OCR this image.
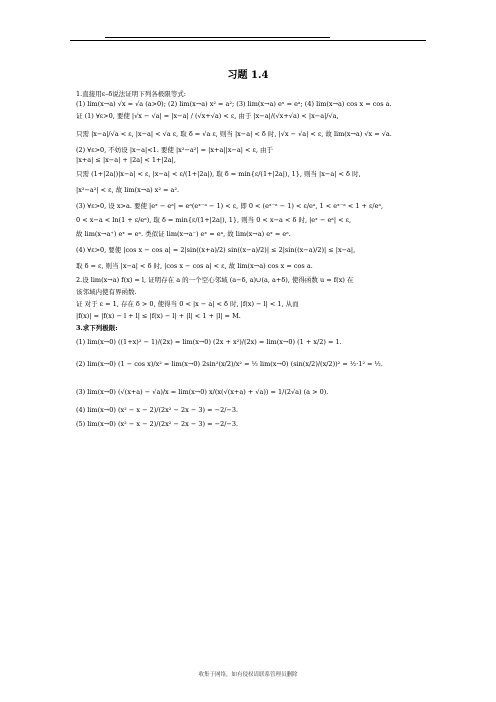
习题 1.4
1.直接用ε–δ说法证明下列各极限等式:
(1) lim(x→a) √x = √a (a>0); (2) lim(x→a) x² = a²; (3) lim(x→a) eˣ = eᵃ; (4) lim(x→a) cos x = cos a.
证 (1) ∀ε>0, 要使 |√x − √a| = |x−a| / (√x+√a) < ε, 由于 |x−a|/(√x+√a) < |x−a|/√a,
只需 |x−a|/√a < ε, |x−a| < √a ε, 取 δ = √a ε, 则当 |x−a| < δ 时, |√x − √a| < ε, 故 lim(x→a) √x = √a.
(2) ∀ε>0, 不妨设 |x−a|<1. 要使 |x²−a²| = |x+a||x−a| < ε, 由于
|x+a| ≤ |x−a| + |2a| < 1+|2a|,
只需 (1+|2a|)|x−a| < ε, |x−a| < ε/(1+|2a|), 取 δ = min{ε/(1+|2a|), 1}, 则当 |x−a| < δ 时,
|x²−a²| < ε, 故 lim(x→a) x² = a².
(3) ∀ε>0, 设 x>a. 要使 |eˣ − eᵃ| = eᵃ(eˣ⁻ᵃ − 1) < ε, 即 0 < (eˣ⁻ᵃ − 1) < ε/eᵃ, 1 < eˣ⁻ᵃ < 1 + ε/eᵃ,
0 < x−a < ln(1 + ε/eᵃ), 取 δ = min{ε/(1+|2a|), 1}, 则当 0 < x−a < δ 时, |eˣ − eᵃ| < ε,
故 lim(x→a⁺) eˣ = eᵃ. 类似证 lim(x→a⁻) eˣ = eᵃ, 故 lim(x→a) eˣ = eᵃ.
(4) ∀ε>0, 要使 |cos x − cos a| = 2|sin((x+a)/2) sin((x−a)/2)| ≤ 2|sin((x−a)/2)| ≤ |x−a|,
取 δ = ε, 则当 |x−a| < δ 时, |cos x − cos a| < ε, 故 lim(x→a) cos x = cos a.
2.设 lim(x→a) f(x) = l, 证明存在 a 的一个空心邻域 (a−δ, a)∪(a, a+δ), 使得函数 u = f(x) 在
该邻域内使有界函数.
证 对于 ε = 1, 存在 δ > 0, 使得当 0 < |x − a| < δ 时, |f(x) − l| < 1, 从而
|f(x)| = |f(x) − l + l| ≤ |f(x) − l| + |l| < 1 + |l| = M.
3.求下列极限:
(1) lim(x→0) ((1+x)² − 1)/(2x) = lim(x→0) (2x + x²)/(2x) = lim(x→0) (1 + x/2) = 1.
(2) lim(x→0) (1 − cos x)/x² = lim(x→0) 2sin²(x/2)/x² = ½ lim(x→0) (sin(x/2)/(x/2))² = ½·1² = ½.
(3) lim(x→0) (√(x+a) − √a)/x = lim(x→0) x/(x(√(x+a) + √a)) = 1/(2√a) (a > 0).
(4) lim(x→0) (x² − x − 2)/(2x² − 2x − 3) = −2/−3.
(5) lim(x→0) (x² − x − 2)/(2x² − 2x − 3) = −2/−3.
收集于网络，如有侵权请联系管理员删除
